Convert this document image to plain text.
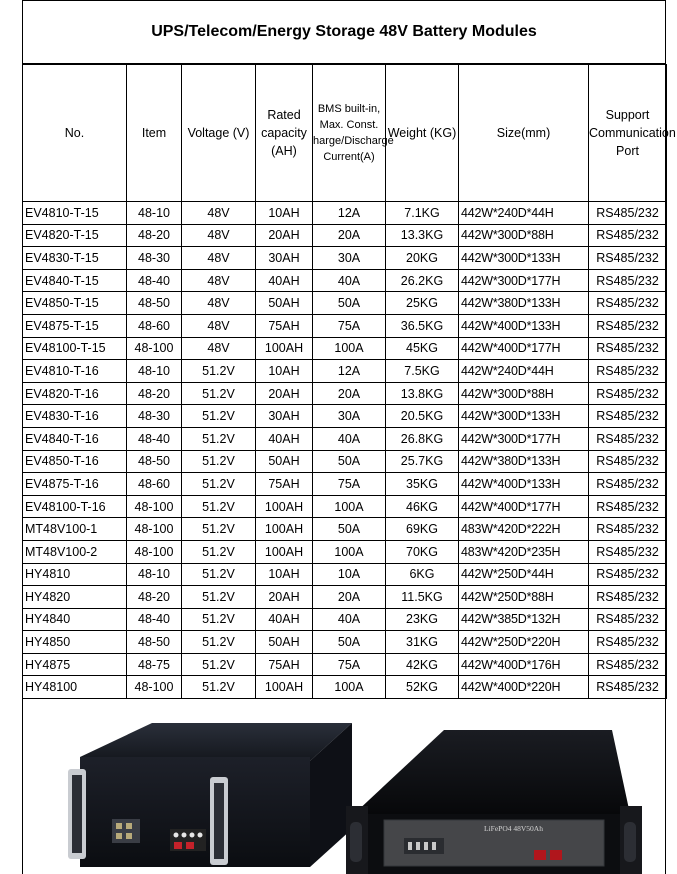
UPS/Telecom/Energy Storage 48V Battery Modules
No.	Item	Voltage (V)	Rated capacity (AH)	BMS built-in, Max. Const. harge/Discharge Current(A)	Weight (KG)	Size(mm)	Support Communication Port
EV4810-T-15	48-10	48V	10AH	12A	7.1KG	442W*240D*44H	RS485/232
EV4820-T-15	48-20	48V	20AH	20A	13.3KG	442W*300D*88H	RS485/232
EV4830-T-15	48-30	48V	30AH	30A	20KG	442W*300D*133H	RS485/232
EV4840-T-15	48-40	48V	40AH	40A	26.2KG	442W*300D*177H	RS485/232
EV4850-T-15	48-50	48V	50AH	50A	25KG	442W*380D*133H	RS485/232
EV4875-T-15	48-60	48V	75AH	75A	36.5KG	442W*400D*133H	RS485/232
EV48100-T-15	48-100	48V	100AH	100A	45KG	442W*400D*177H	RS485/232
EV4810-T-16	48-10	51.2V	10AH	12A	7.5KG	442W*240D*44H	RS485/232
EV4820-T-16	48-20	51.2V	20AH	20A	13.8KG	442W*300D*88H	RS485/232
EV4830-T-16	48-30	51.2V	30AH	30A	20.5KG	442W*300D*133H	RS485/232
EV4840-T-16	48-40	51.2V	40AH	40A	26.8KG	442W*300D*177H	RS485/232
EV4850-T-16	48-50	51.2V	50AH	50A	25.7KG	442W*380D*133H	RS485/232
EV4875-T-16	48-60	51.2V	75AH	75A	35KG	442W*400D*133H	RS485/232
EV48100-T-16	48-100	51.2V	100AH	100A	46KG	442W*400D*177H	RS485/232
MT48V100-1	48-100	51.2V	100AH	50A	69KG	483W*420D*222H	RS485/232
MT48V100-2	48-100	51.2V	100AH	100A	70KG	483W*420D*235H	RS485/232
HY4810	48-10	51.2V	10AH	10A	6KG	442W*250D*44H	RS485/232
HY4820	48-20	51.2V	20AH	20A	11.5KG	442W*250D*88H	RS485/232
HY4840	48-40	51.2V	40AH	40A	23KG	442W*385D*132H	RS485/232
HY4850	48-50	51.2V	50AH	50A	31KG	442W*250D*220H	RS485/232
HY4875	48-75	51.2V	75AH	75A	42KG	442W*400D*176H	RS485/232
HY48100	48-100	51.2V	100AH	100A	52KG	442W*400D*220H	RS485/232
LiFePO4 48V50Ah
